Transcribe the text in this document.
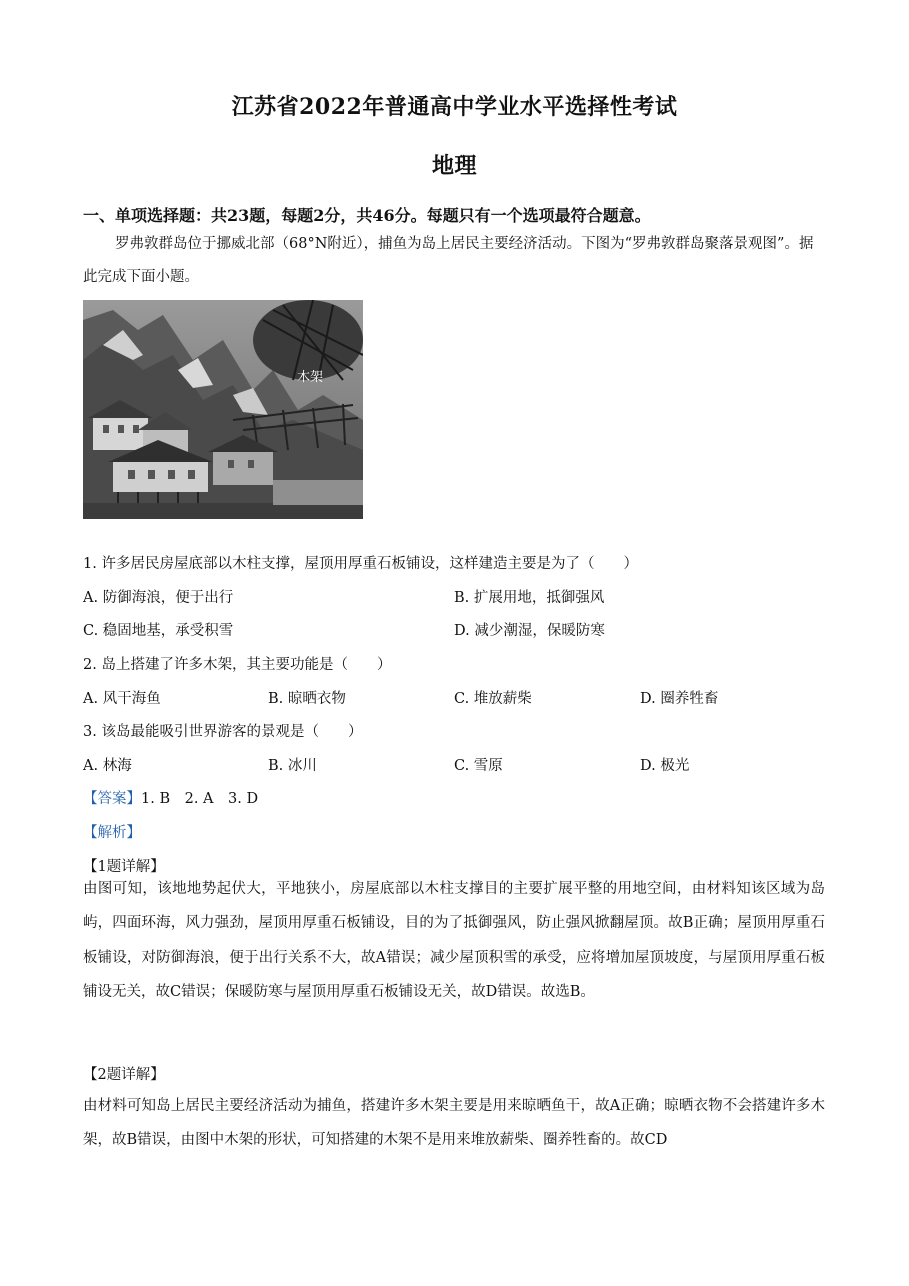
江苏省2022年普通高中学业水平选择性考试
地理
一、单项选择题：共23题，每题2分，共46分。每题只有一个选项最符合题意。
罗弗敦群岛位于挪威北部（68°N附近），捕鱼为岛上居民主要经济活动。下图为“罗弗敦群岛聚落景观图”。据此完成下面小题。
木架
1. 许多居民房屋底部以木柱支撑，屋顶用厚重石板铺设，这样建造主要是为了（　　）
A. 防御海浪，便于出行	B. 扩展用地，抵御强风
C. 稳固地基，承受积雪	D. 减少潮湿，保暖防寒
2. 岛上搭建了许多木架，其主要功能是（　　）
A. 风干海鱼	B. 晾晒衣物	C. 堆放薪柴	D. 圈养牲畜
3. 该岛最能吸引世界游客的景观是（　　）
A. 林海	B. 冰川	C. 雪原	D. 极光
【答案】1. B　2. A　3. D
【解析】
【1题详解】
由图可知，该地地势起伏大，平地狭小，房屋底部以木柱支撑目的主要扩展平整的用地空间，由材料知该区域为岛屿，四面环海，风力强劲，屋顶用厚重石板铺设，目的为了抵御强风，防止强风掀翻屋顶。故B正确；屋顶用厚重石板铺设，对防御海浪，便于出行关系不大，故A错误；减少屋顶积雪的承受，应将增加屋顶坡度，与屋顶用厚重石板铺设无关，故C错误；保暖防寒与屋顶用厚重石板铺设无关，故D错误。故选B。
【2题详解】
由材料可知岛上居民主要经济活动为捕鱼，搭建许多木架主要是用来晾晒鱼干，故A正确；晾晒衣物不会搭建许多木架，故B错误，由图中木架的形状，可知搭建的木架不是用来堆放薪柴、圈养牲畜的。故CD
